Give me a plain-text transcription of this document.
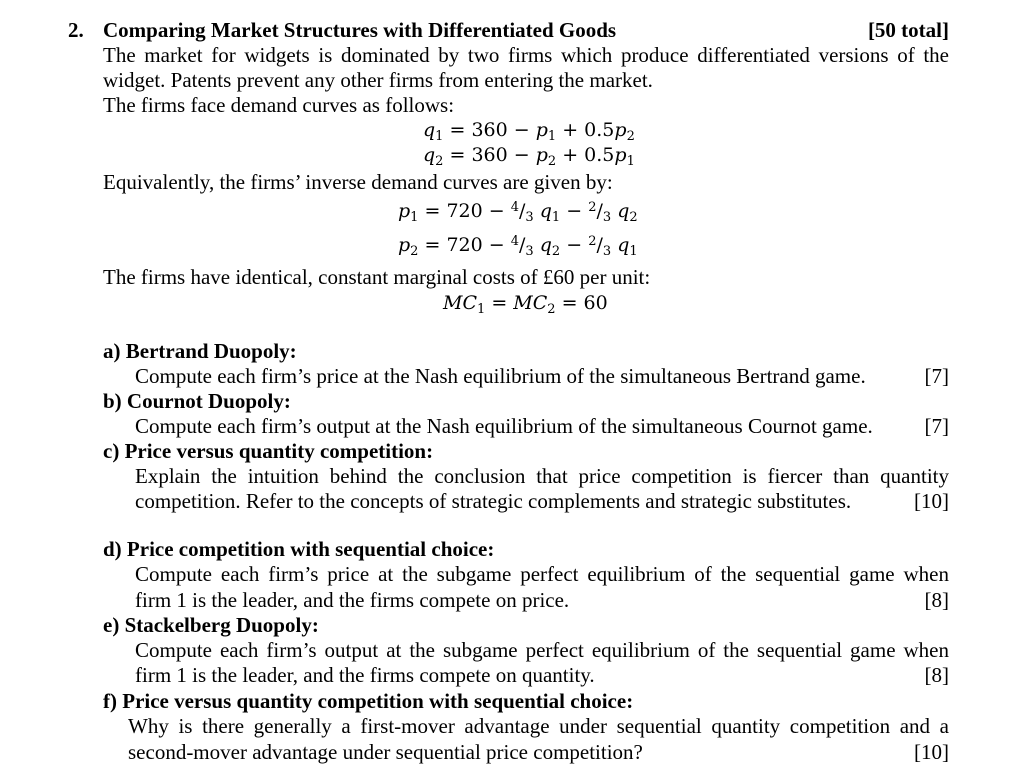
2. Comparing Market Structures with Differentiated Goods	[50 total]
The market for widgets is dominated by two firms which produce differentiated versions of the
widget. Patents prevent any other firms from entering the market.
The firms face demand curves as follows:
$q_1 = 360 - p_1 + 0.5p_2$
$q_2 = 360 - p_2 + 0.5p_1$
Equivalently, the firms’ inverse demand curves are given by:
$p_1 = 720 - ^4/_3$ $q_1 - ^2/_3$ $q_2$
$p_2 = 720 - ^4/_3$ $q_2 - ^2/_3$ $q_1$
The firms have identical, constant marginal costs of £60 per unit:
$MC_1 = MC_2 = 60$
a) Bertrand Duopoly:
Compute each firm’s price at the Nash equilibrium of the simultaneous Bertrand game.	[7]
b) Cournot Duopoly:
Compute each firm’s output at the Nash equilibrium of the simultaneous Cournot game. [7]
c) Price versus quantity competition:
Explain the intuition behind the conclusion that price competition is fiercer than quantity
competition. Refer to the concepts of strategic complements and strategic substitutes.	[10]
d) Price competition with sequential choice:
Compute each firm’s price at the subgame perfect equilibrium of the sequential game when
firm 1 is the leader, and the firms compete on price.	[8]
e) Stackelberg Duopoly:
Compute each firm’s output at the subgame perfect equilibrium of the sequential game when
firm 1 is the leader, and the firms compete on quantity.	[8]
f) Price versus quantity competition with sequential choice:
Why is there generally a first-mover advantage under sequential quantity competition and a
second-mover advantage under sequential price competition?	[10]
